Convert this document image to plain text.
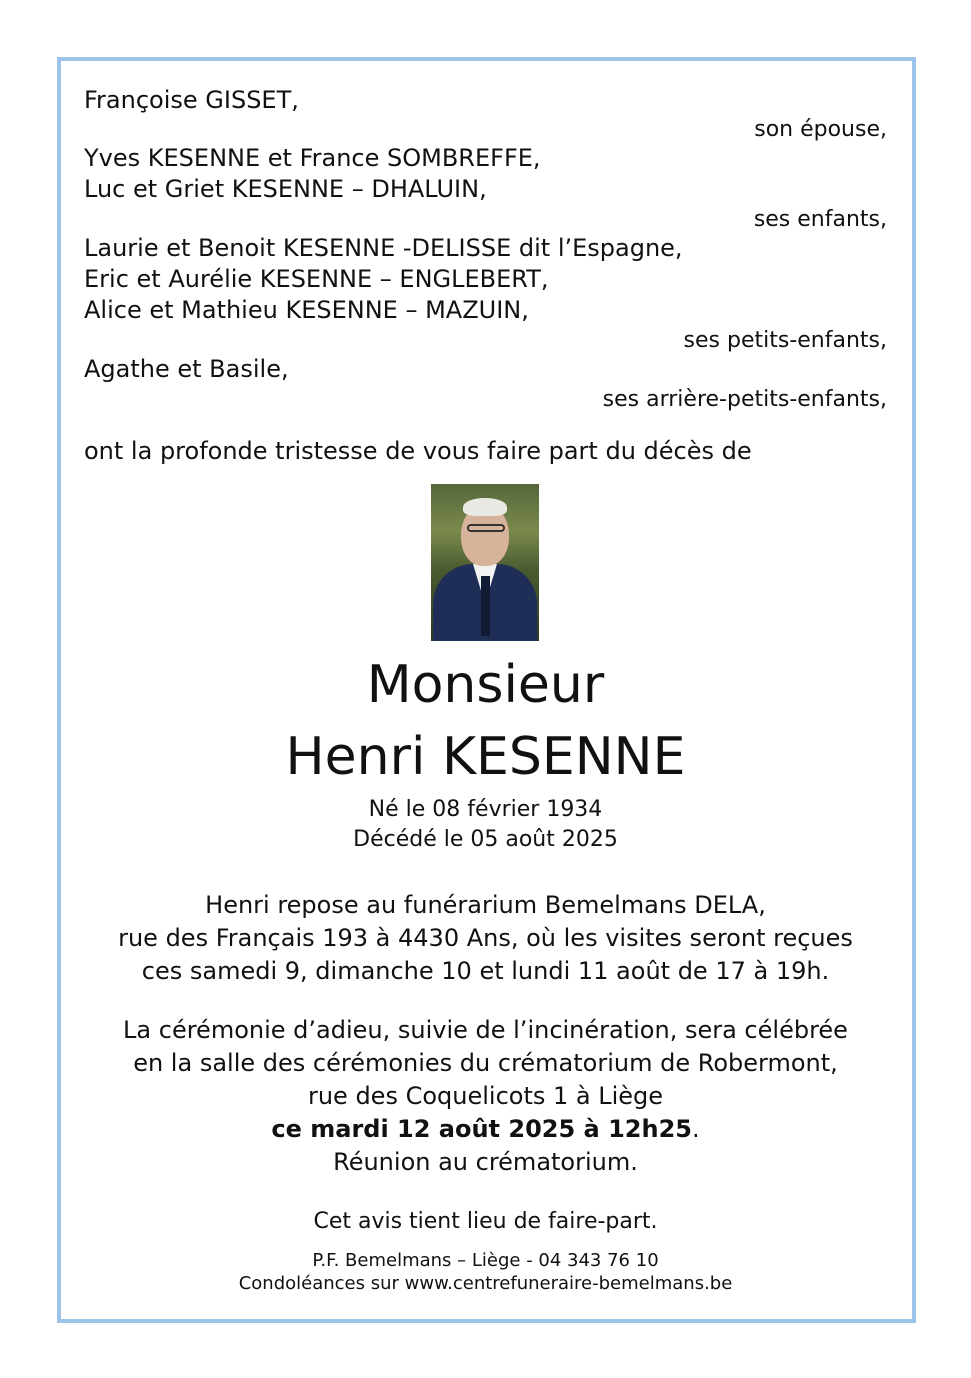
Françoise GISSET,

son épouse,

Yves KESENNE et France SOMBREFFE,

Luc et Griet KESENNE – DHALUIN,

ses enfants,

Laurie et Benoit KESENNE -DELISSE dit l’Espagne,

Eric et Aurélie KESENNE – ENGLEBERT,

Alice et Mathieu KESENNE – MAZUIN,

ses petits-enfants,

Agathe et Basile,

ses arrière-petits-enfants,

ont la profonde tristesse de vous faire part du décès de

Monsieur

Henri KESENNE

Né le 08 février 1934

Décédé le 05 août 2025

Henri repose au funérarium Bemelmans DELA,

rue des Français 193 à 4430 Ans, où les visites seront reçues

ces samedi 9, dimanche 10 et lundi 11 août de 17 à 19h.

La cérémonie d’adieu, suivie de l’incinération, sera célébrée

en la salle des cérémonies du crématorium de Robermont,

rue des Coquelicots 1 à Liège

ce mardi 12 août 2025 à 12h25.

Réunion au crématorium.

Cet avis tient lieu de faire-part.

P.F. Bemelmans – Liège - 04 343 76 10

Condoléances sur www.centrefuneraire-bemelmans.be
